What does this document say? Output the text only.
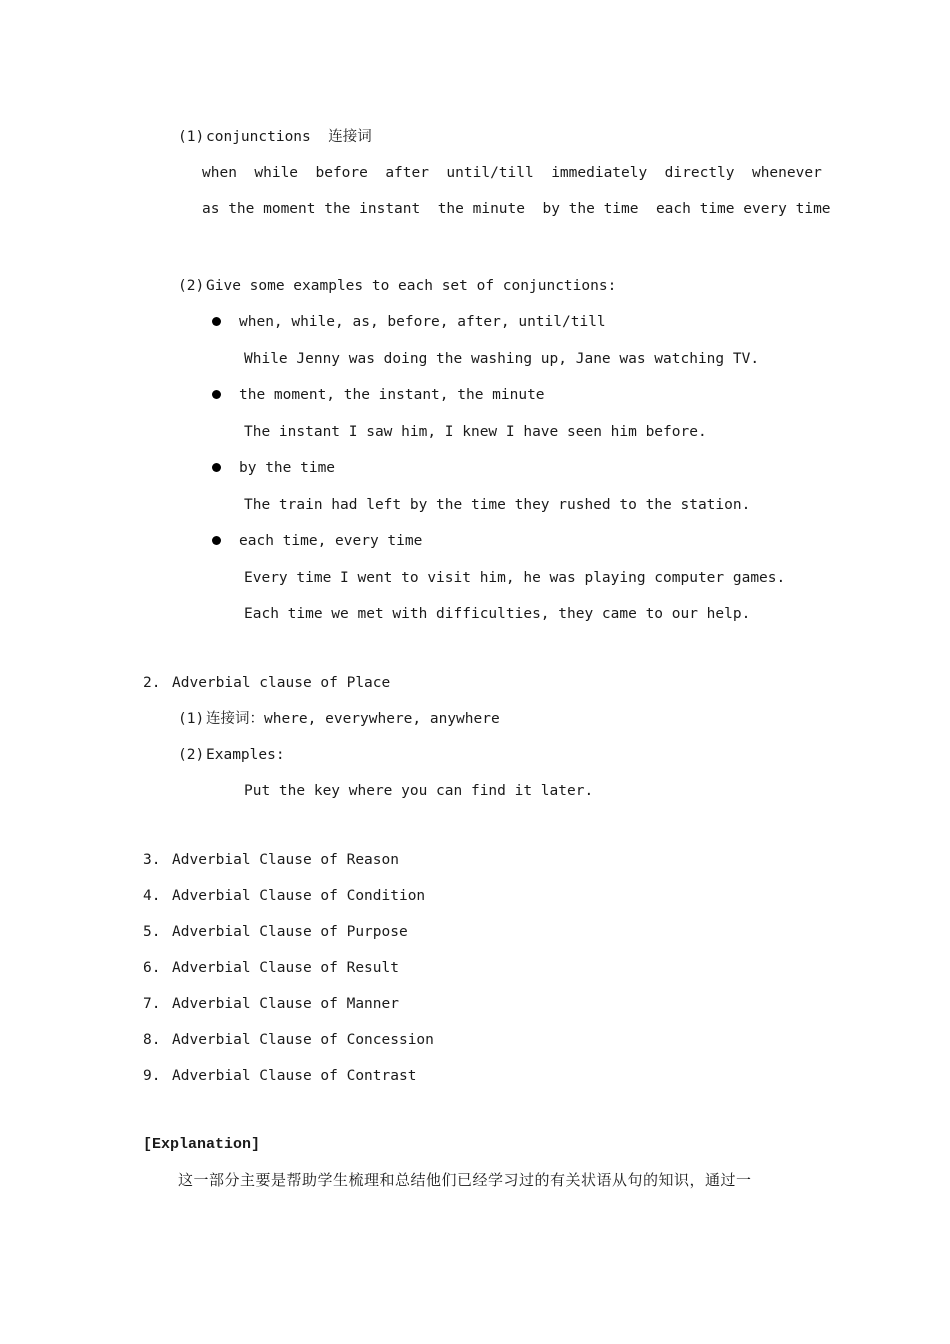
(1) conjunctions  连接词
when  while  before  after  until/till  immediately  directly  whenever
as the moment the instant  the minute  by the time  each time every time
(2) Give some examples to each set of conjunctions:
when, while, as, before, after, until/till
While Jenny was doing the washing up, Jane was watching TV.
the moment, the instant, the minute
The instant I saw him, I knew I have seen him before.
by the time
The train had left by the time they rushed to the station.
each time, every time
Every time I went to visit him, he was playing computer games.
Each time we met with difficulties, they came to our help.
2. Adverbial clause of Place
(1) 连接词：where, everywhere, anywhere
(2) Examples:
Put the key where you can find it later.
3. Adverbial Clause of Reason
4. Adverbial Clause of Condition
5. Adverbial Clause of Purpose
6. Adverbial Clause of Result
7. Adverbial Clause of Manner
8. Adverbial Clause of Concession
9. Adverbial Clause of Contrast
[Explanation]
这一部分主要是帮助学生梳理和总结他们已经学习过的有关状语从句的知识，通过一
